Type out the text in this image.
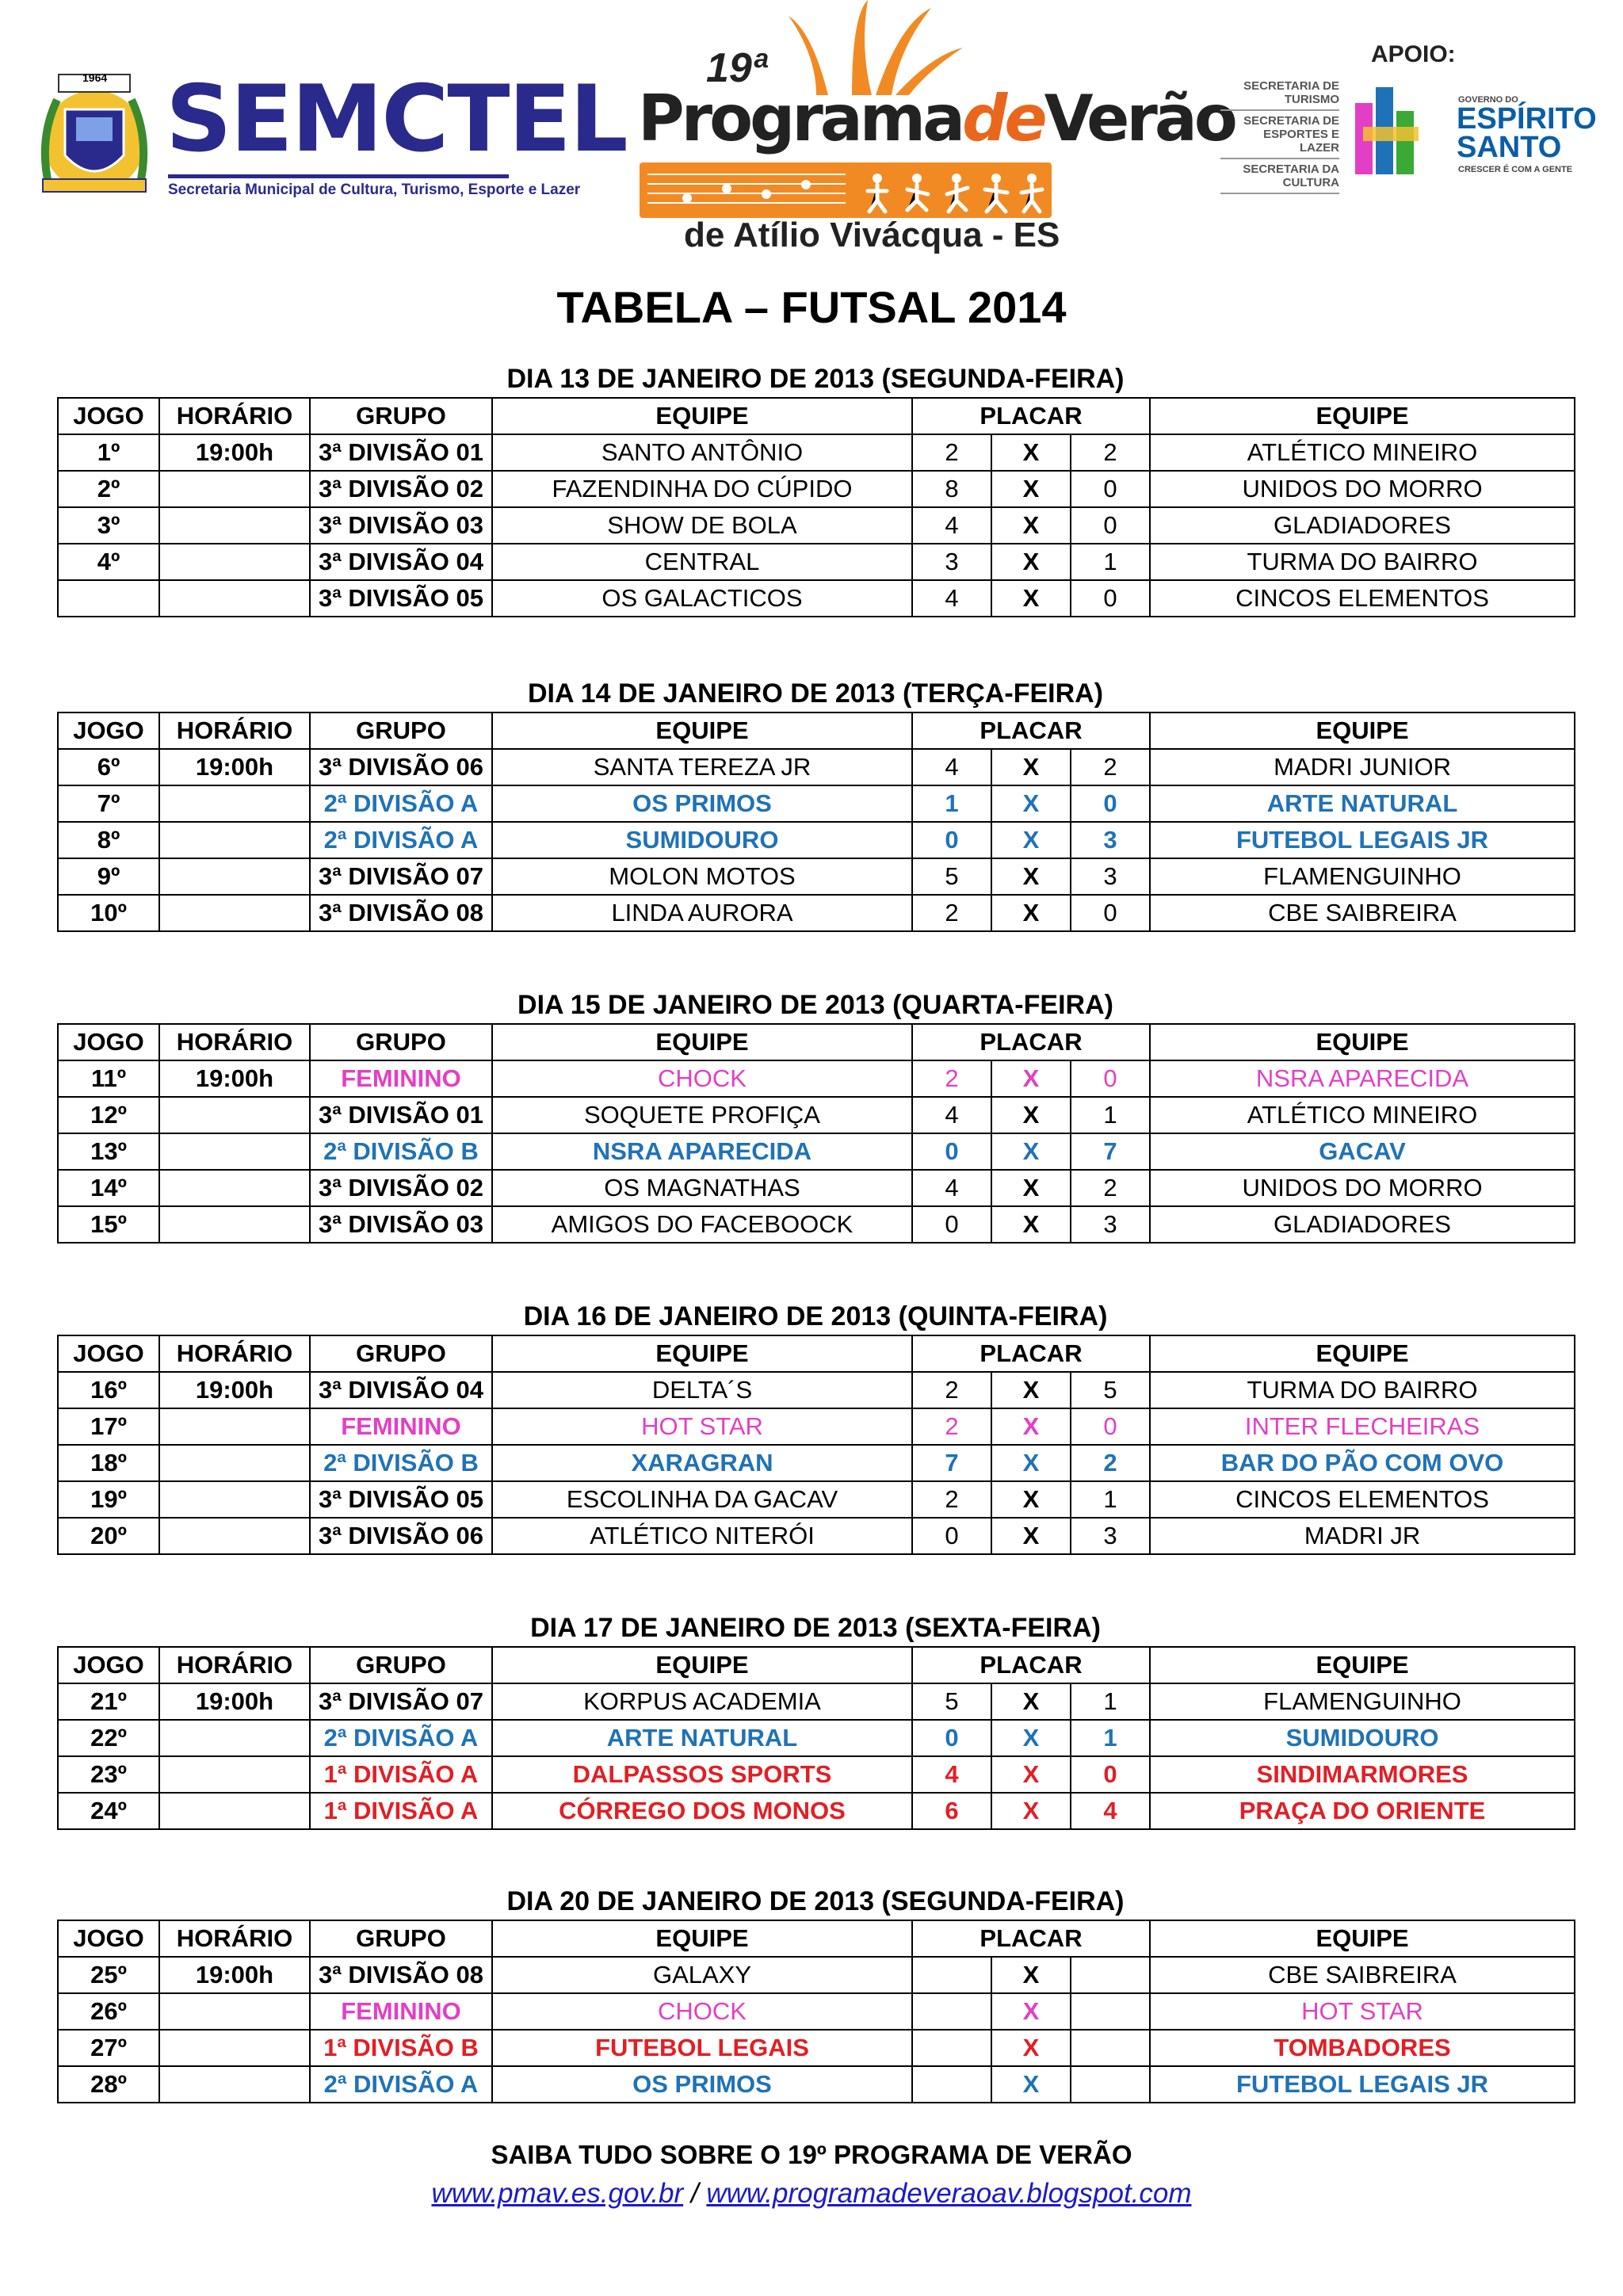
1964 SEMCTEL
Secretaria Municipal de Cultura, Turismo, Esporte e Lazer
19ª
ProgramadeVerão
de Atílio Vivácqua - ES
APOIO:
SECRETARIA DE TURISMO
SECRETARIA DE ESPORTES E LAZER
SECRETARIA DA CULTURA
GOVERNO DO
ESPÍRITO
SANTO
CRESCER É COM A GENTE
TABELA – FUTSAL 2014
DIA 13 DE JANEIRO DE 2013 (SEGUNDA-FEIRA)
JOGO	HORÁRIO	GRUPO	EQUIPE	PLACAR			EQUIPE
1º	19:00h	3ª DIVISÃO 01	SANTO ANTÔNIO	2	X	2	ATLÉTICO MINEIRO
2º		3ª DIVISÃO 02	FAZENDINHA DO CÚPIDO	8	X	0	UNIDOS DO MORRO
3º		3ª DIVISÃO 03	SHOW DE BOLA	4	X	0	GLADIADORES
4º		3ª DIVISÃO 04	CENTRAL	3	X	1	TURMA DO BAIRRO
		3ª DIVISÃO 05	OS GALACTICOS	4	X	0	CINCOS ELEMENTOS
DIA 14 DE JANEIRO DE 2013 (TERÇA-FEIRA)
JOGO	HORÁRIO	GRUPO	EQUIPE	PLACAR			EQUIPE
6º	19:00h	3ª DIVISÃO 06	SANTA TEREZA JR	4	X	2	MADRI JUNIOR
7º		2ª DIVISÃO A	OS PRIMOS	1	X	0	ARTE NATURAL
8º		2ª DIVISÃO A	SUMIDOURO	0	X	3	FUTEBOL LEGAIS JR
9º		3ª DIVISÃO 07	MOLON MOTOS	5	X	3	FLAMENGUINHO
10º		3ª DIVISÃO 08	LINDA AURORA	2	X	0	CBE SAIBREIRA
DIA 15 DE JANEIRO DE 2013 (QUARTA-FEIRA)
JOGO	HORÁRIO	GRUPO	EQUIPE	PLACAR			EQUIPE
11º	19:00h	FEMININO	CHOCK	2	X	0	NSRA APARECIDA
12º		3ª DIVISÃO 01	SOQUETE PROFIÇA	4	X	1	ATLÉTICO MINEIRO
13º		2ª DIVISÃO B	NSRA APARECIDA	0	X	7	GACAV
14º		3ª DIVISÃO 02	OS MAGNATHAS	4	X	2	UNIDOS DO MORRO
15º		3ª DIVISÃO 03	AMIGOS DO FACEBOOCK	0	X	3	GLADIADORES
DIA 16 DE JANEIRO DE 2013 (QUINTA-FEIRA)
JOGO	HORÁRIO	GRUPO	EQUIPE	PLACAR			EQUIPE
16º	19:00h	3ª DIVISÃO 04	DELTA´S	2	X	5	TURMA DO BAIRRO
17º		FEMININO	HOT STAR	2	X	0	INTER FLECHEIRAS
18º		2ª DIVISÃO B	XARAGRAN	7	X	2	BAR DO PÃO COM OVO
19º		3ª DIVISÃO 05	ESCOLINHA DA GACAV	2	X	1	CINCOS ELEMENTOS
20º		3ª DIVISÃO 06	ATLÉTICO NITERÓI	0	X	3	MADRI JR
DIA 17 DE JANEIRO DE 2013 (SEXTA-FEIRA)
JOGO	HORÁRIO	GRUPO	EQUIPE	PLACAR			EQUIPE
21º	19:00h	3ª DIVISÃO 07	KORPUS ACADEMIA	5	X	1	FLAMENGUINHO
22º		2ª DIVISÃO A	ARTE NATURAL	0	X	1	SUMIDOURO
23º		1ª DIVISÃO A	DALPASSOS SPORTS	4	X	0	SINDIMARMORES
24º		1ª DIVISÃO A	CÓRREGO DOS MONOS	6	X	4	PRAÇA DO ORIENTE
DIA 20 DE JANEIRO DE 2013 (SEGUNDA-FEIRA)
JOGO	HORÁRIO	GRUPO	EQUIPE	PLACAR			EQUIPE
25º	19:00h	3ª DIVISÃO 08	GALAXY		X		CBE SAIBREIRA
26º		FEMININO	CHOCK		X		HOT STAR
27º		1ª DIVISÃO B	FUTEBOL LEGAIS		X		TOMBADORES
28º		2ª DIVISÃO A	OS PRIMOS		X		FUTEBOL LEGAIS JR
SAIBA TUDO SOBRE O 19º PROGRAMA DE VERÃO
www.pmav.es.gov.br / www.programadeveraoav.blogspot.com
